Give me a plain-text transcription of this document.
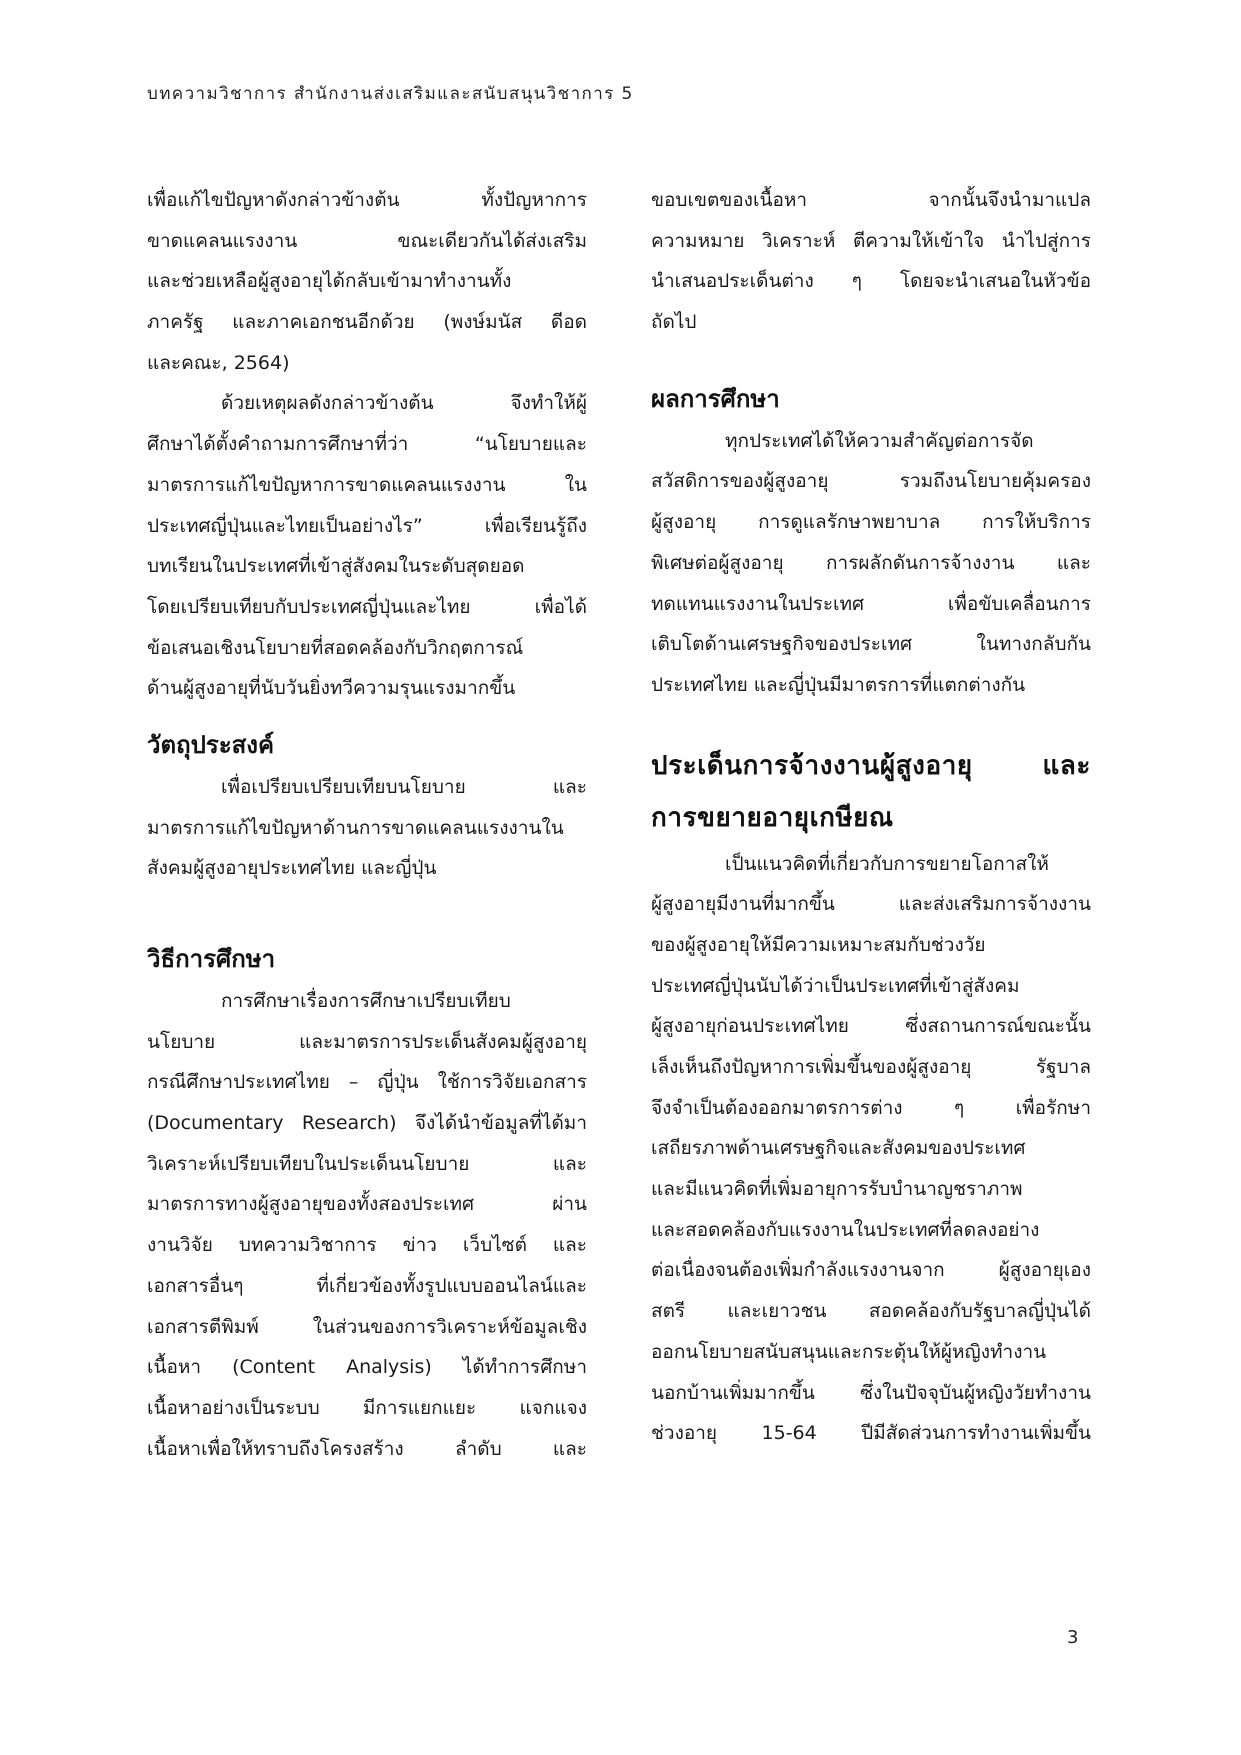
บทความวิชาการ สำนักงานส่งเสริมและสนับสนุนวิชาการ 5
เพื่อแก้ไขปัญหาดังกล่าวข้างต้น ทั้งปัญหาการ
ขาดแคลนแรงงาน ขณะเดียวกันได้ส่งเสริม
และช่วยเหลือผู้สูงอายุได้กลับเข้ามาทำงานทั้ง
ภาครัฐ และภาคเอกชนอีกด้วย (พงษ์มนัส ดีอด
และคณะ, 2564)
ด้วยเหตุผลดังกล่าวข้างต้น จึงทำให้ผู้
ศึกษาได้ตั้งคำถามการศึกษาที่ว่า “นโยบายและ
มาตรการแก้ไขปัญหาการขาดแคลนแรงงาน ใน
ประเทศญี่ปุ่นและไทยเป็นอย่างไร” เพื่อเรียนรู้ถึง
บทเรียนในประเทศที่เข้าสู่สังคมในระดับสุดยอด
โดยเปรียบเทียบกับประเทศญี่ปุ่นและไทย เพื่อได้
ข้อเสนอเชิงนโยบายที่สอดคล้องกับวิกฤตการณ์
ด้านผู้สูงอายุที่นับวันยิ่งทวีความรุนแรงมากขึ้น
วัตถุประสงค์
เพื่อเปรียบเปรียบเทียบนโยบาย และ
มาตรการแก้ไขปัญหาด้านการขาดแคลนแรงงานใน
สังคมผู้สูงอายุประเทศไทย และญี่ปุ่น
วิธีการศึกษา
การศึกษาเรื่องการศึกษาเปรียบเทียบ
นโยบาย และมาตรการประเด็นสังคมผู้สูงอายุ
กรณีศึกษาประเทศไทย – ญี่ปุ่น ใช้การวิจัยเอกสาร
(Documentary Research) จึงได้นำข้อมูลที่ได้มา
วิเคราะห์เปรียบเทียบในประเด็นนโยบาย และ
มาตรการทางผู้สูงอายุของทั้งสองประเทศ ผ่าน
งานวิจัย บทความวิชาการ ข่าว เว็บไซต์ และ
เอกสารอื่นๆ ที่เกี่ยวข้องทั้งรูปแบบออนไลน์และ
เอกสารตีพิมพ์ ในส่วนของการวิเคราะห์ข้อมูลเชิง
เนื้อหา (Content Analysis) ได้ทำการศึกษา
เนื้อหาอย่างเป็นระบบ มีการแยกแยะ แจกแจง
เนื้อหาเพื่อให้ทราบถึงโครงสร้าง ลำดับ และ
ขอบเขตของเนื้อหา จากนั้นจึงนำมาแปล
ความหมาย วิเคราะห์ ตีความให้เข้าใจ นำไปสู่การ
นำเสนอประเด็นต่าง ๆ โดยจะนำเสนอในหัวข้อ
ถัดไป
ผลการศึกษา
ทุกประเทศได้ให้ความสำคัญต่อการจัด
สวัสดิการของผู้สูงอายุ รวมถึงนโยบายคุ้มครอง
ผู้สูงอายุ การดูแลรักษาพยาบาล การให้บริการ
พิเศษต่อผู้สูงอายุ การผลักดันการจ้างงาน และ
ทดแทนแรงงานในประเทศ เพื่อขับเคลื่อนการ
เติบโตด้านเศรษฐกิจของประเทศ ในทางกลับกัน
ประเทศไทย และญี่ปุ่นมีมาตรการที่แตกต่างกัน
ประเด็นการจ้างงานผู้สูงอายุ และ
การขยายอายุเกษียณ
เป็นแนวคิดที่เกี่ยวกับการขยายโอกาสให้
ผู้สูงอายุมีงานที่มากขึ้น และส่งเสริมการจ้างงาน
ของผู้สูงอายุให้มีความเหมาะสมกับช่วงวัย
ประเทศญี่ปุ่นนับได้ว่าเป็นประเทศที่เข้าสู่สังคม
ผู้สูงอายุก่อนประเทศไทย ซึ่งสถานการณ์ขณะนั้น
เล็งเห็นถึงปัญหาการเพิ่มขึ้นของผู้สูงอายุ รัฐบาล
จึงจำเป็นต้องออกมาตรการต่าง ๆ เพื่อรักษา
เสถียรภาพด้านเศรษฐกิจและสังคมของประเทศ
และมีแนวคิดที่เพิ่มอายุการรับบำนาญชราภาพ
และสอดคล้องกับแรงงานในประเทศที่ลดลงอย่าง
ต่อเนื่องจนต้องเพิ่มกำลังแรงงานจาก ผู้สูงอายุเอง
สตรี และเยาวชน สอดคล้องกับรัฐบาลญี่ปุ่นได้
ออกนโยบายสนับสนุนและกระตุ้นให้ผู้หญิงทำงาน
นอกบ้านเพิ่มมากขึ้น ซึ่งในปัจจุบันผู้หญิงวัยทำงาน
ช่วงอายุ 15-64 ปีมีสัดส่วนการทำงานเพิ่มขึ้น
3
